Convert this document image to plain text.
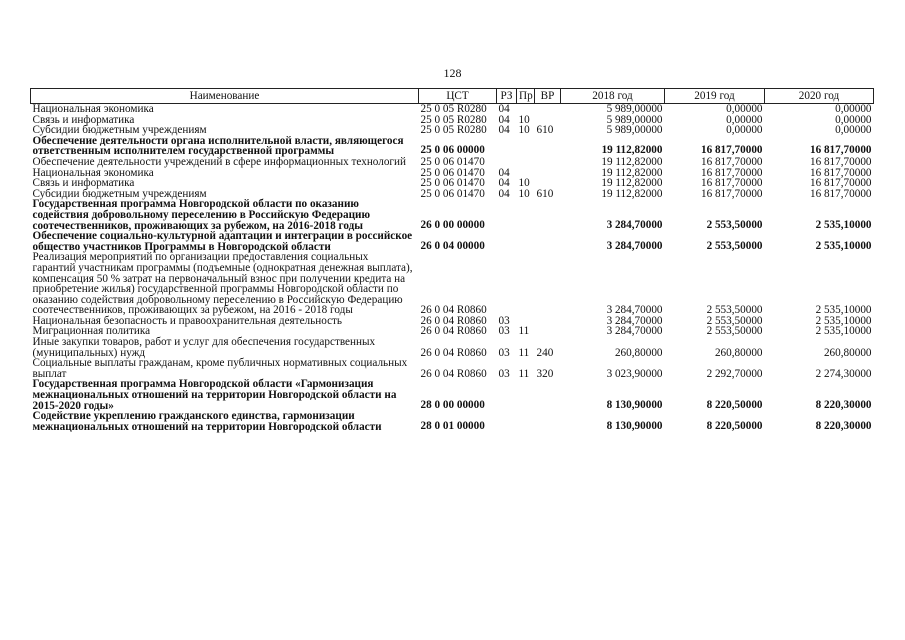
128
Наименование	ЦСТ	РЗ	Пр	ВР	2018 год	2019 год	2020 год
Национальная экономика	25 0 05 R0280	04			5 989,00000	0,00000	0,00000
Связь и информатика	25 0 05 R0280	04	10		5 989,00000	0,00000	0,00000
Субсидии бюджетным учреждениям	25 0 05 R0280	04	10	610	5 989,00000	0,00000	0,00000
Обеспечение деятельности органа исполнительной власти, являющегося ответственным исполнителем государственной программы	25 0 06 00000				19 112,82000	16 817,70000	16 817,70000
Обеспечение деятельности учреждений в сфере информационных технологий	25 0 06 01470				19 112,82000	16 817,70000	16 817,70000
Национальная экономика	25 0 06 01470	04			19 112,82000	16 817,70000	16 817,70000
Связь и информатика	25 0 06 01470	04	10		19 112,82000	16 817,70000	16 817,70000
Субсидии бюджетным учреждениям	25 0 06 01470	04	10	610	19 112,82000	16 817,70000	16 817,70000
Государственная программа Новгородской области по оказанию содействия добровольному переселению в Российскую Федерацию соотечественников, проживающих за рубежом, на 2016-2018 годы	26 0 00 00000				3 284,70000	2 553,50000	2 535,10000
Обеспечение социально-культурной адаптации и интеграции в российское общество участников Программы в Новгородской области	26 0 04 00000				3 284,70000	2 553,50000	2 535,10000
Реализация мероприятий по организации предоставления социальных гарантий участникам программы (подъемные (однократная денежная выплата), компенсация 50 % затрат на первоначальный взнос при получении кредита на приобретение жилья) государственной программы Новгородской области по оказанию содействия добровольному переселению в Российскую Федерацию соотечественников, проживающих за рубежом, на 2016 - 2018 годы	26 0 04 R0860				3 284,70000	2 553,50000	2 535,10000
Национальная безопасность и правоохранительная деятельность	26 0 04 R0860	03			3 284,70000	2 553,50000	2 535,10000
Миграционная политика	26 0 04 R0860	03	11		3 284,70000	2 553,50000	2 535,10000
Иные закупки товаров, работ и услуг для обеспечения государственных (муниципальных) нужд	26 0 04 R0860	03	11	240	260,80000	260,80000	260,80000
Социальные выплаты гражданам, кроме публичных нормативных социальных выплат	26 0 04 R0860	03	11	320	3 023,90000	2 292,70000	2 274,30000
Государственная программа Новгородской области «Гармонизация межнациональных отношений на территории Новгородской области на 2015-2020 годы»	28 0 00 00000				8 130,90000	8 220,50000	8 220,30000
Содействие укреплению гражданского единства, гармонизации межнациональных отношений на территории Новгородской области	28 0 01 00000				8 130,90000	8 220,50000	8 220,30000
